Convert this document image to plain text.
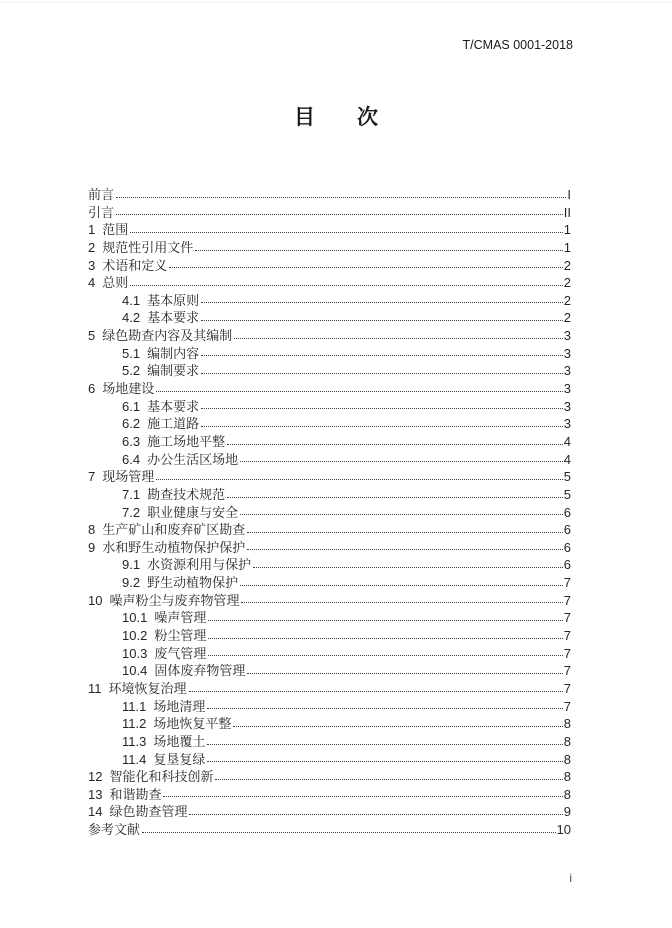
T/CMAS 0001-2018
目　　次
前言	I
引言	II
1 范围	1
2 规范性引用文件	1
3 术语和定义	2
4 总则	2
4.1 基本原则	2
4.2 基本要求	2
5 绿色勘查内容及其编制	3
5.1 编制内容	3
5.2 编制要求	3
6 场地建设	3
6.1 基本要求	3
6.2 施工道路	3
6.3 施工场地平整	4
6.4 办公生活区场地	4
7 现场管理	5
7.1 勘查技术规范	5
7.2 职业健康与安全	6
8 生产矿山和废弃矿区勘查	6
9 水和野生动植物保护保护	6
9.1 水资源利用与保护	6
9.2 野生动植物保护	7
10 噪声粉尘与废弃物管理	7
10.1 噪声管理	7
10.2 粉尘管理	7
10.3 废气管理	7
10.4 固体废弃物管理	7
11 环境恢复治理	7
11.1 场地清理	7
11.2 场地恢复平整	8
11.3 场地覆土	8
11.4 复垦复绿	8
12 智能化和科技创新	8
13 和谐勘查	8
14 绿色勘查管理	9
参考文献	10
i
